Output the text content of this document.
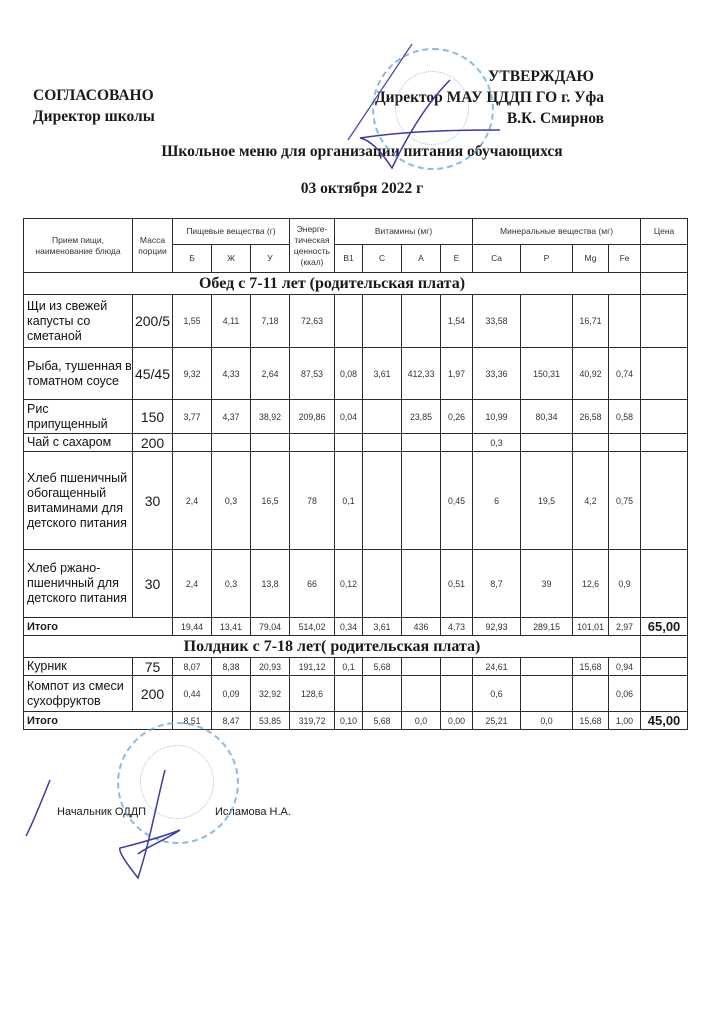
СОГЛАСОВАНО
Директор школы
УТВЕРЖДАЮ
Директор МАУ ЦДДП ГО г. Уфа
В.К. Смирнов
Школьное меню для организации питания обучающихся
03 октября 2022 г
Прием пищи, наименование блюда	Масса порции	Пищевые вещества (г)			Энерге-тическая ценность (ккал)	Витамины (мг)				Минеральные вещества (мг)				Цена
		Б	Ж	У		B1	C	A	E	Ca	P	Mg	Fe	
Обед с 7-11 лет (родительская плата)														
Щи из свежей капусты со сметаной	200/5	1,55	4,11	7,18	72,63				1,54	33,58		16,71		
Рыба, тушенная в томатном соусе	45/45	9,32	4,33	2,64	87,53	0,08	3,61	412,33	1,97	33,36	150,31	40,92	0,74	
Рис припущенный	150	3,77	4,37	38,92	209,86	0,04		23,85	0,26	10,99	80,34	26,58	0,58	
Чай с сахаром	200									0,3				
Хлеб пшеничный обогащенный витаминами для детского питания	30	2,4	0,3	16,5	78	0,1			0,45	6	19,5	4,2	0,75	
Хлеб ржано-пшеничный для детского питания	30	2,4	0,3	13,8	66	0,12			0,51	8,7	39	12,6	0,9	
Итого		19,44	13,41	79,04	514,02	0,34	3,61	436	4,73	92,93	289,15	101,01	2,97	65,00
Полдник с 7-18 лет( родительская плата)														
Курник	75	8,07	8,38	20,93	191,12	0,1	5,68			24,61		15,68	0,94	
Компот из смеси сухофруктов	200	0,44	0,09	32,92	128,6					0,6			0,06	
Итого		8,51	8,47	53,85	319,72	0,10	5,68	0,0	0,00	25,21	0,0	15,68	1,00	45,00
Начальник ОДДП	Исламова Н.А.
